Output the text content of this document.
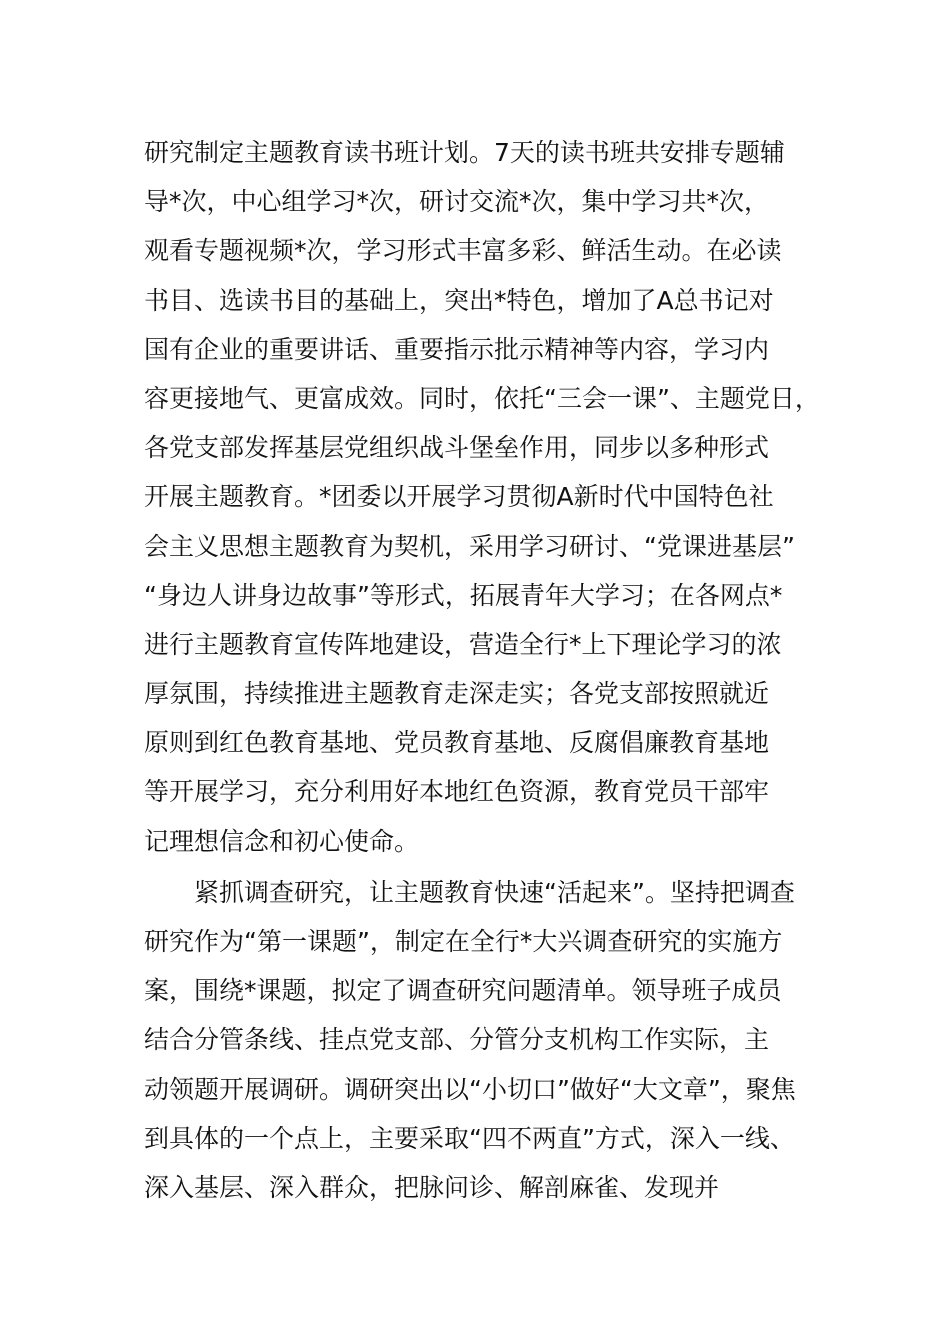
研究制定主题教育读书班计划。7天的读书班共安排专题辅
导*次，中心组学习*次，研讨交流*次，集中学习共*次，
观看专题视频*次，学习形式丰富多彩、鲜活生动。在必读
书目、选读书目的基础上，突出*特色，增加了A总书记对
国有企业的重要讲话、重要指示批示精神等内容，学习内
容更接地气、更富成效。同时，依托“三会一课”、主题党日，
各党支部发挥基层党组织战斗堡垒作用，同步以多种形式
开展主题教育。*团委以开展学习贯彻A新时代中国特色社
会主义思想主题教育为契机，采用学习研讨、“党课进基层”
“身边人讲身边故事”等形式，拓展青年大学习；在各网点*
进行主题教育宣传阵地建设，营造全行*上下理论学习的浓
厚氛围，持续推进主题教育走深走实；各党支部按照就近
原则到红色教育基地、党员教育基地、反腐倡廉教育基地
等开展学习，充分利用好本地红色资源，教育党员干部牢
记理想信念和初心使命。
　　紧抓调查研究，让主题教育快速“活起来”。坚持把调查
研究作为“第一课题”，制定在全行*大兴调查研究的实施方
案，围绕*课题，拟定了调查研究问题清单。领导班子成员
结合分管条线、挂点党支部、分管分支机构工作实际，主
动领题开展调研。调研突出以“小切口”做好“大文章”，聚焦
到具体的一个点上，主要采取“四不两直”方式，深入一线、
深入基层、深入群众，把脉问诊、解剖麻雀、发现并
